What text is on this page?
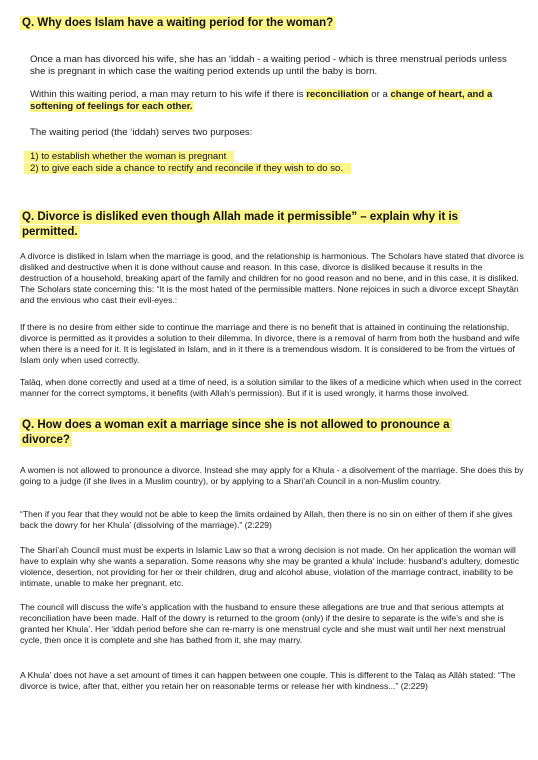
Q. Why does Islam have a waiting period for the woman?

Once a man has divorced his wife, she has an ‘iddah - a waiting period - which is three menstrual periods unless she is pregnant in which case the waiting period extends up until the baby is born.

Within this waiting period, a man may return to his wife if there is reconciliation or a change of heart, and a softening of feelings for each other.

The waiting period (the ‘iddah) serves two purposes:

1) to establish whether the woman is pregnant
2) to give each side a chance to rectify and reconcile if they wish to do so.
Q. Divorce is disliked even though Allah made it permissible” – explain why it is
permitted.

A divorce is disliked in Islam when the marriage is good, and the relationship is harmonious. The Scholars have stated that divorce is disliked and destructive when it is done without cause and reason. In this case, divorce is disliked because it results in the destruction of a household, breaking apart of the family and children for no good reason and no bene, and in this case, it is disliked. The Scholars state concerning this: “It is the most hated of the permissible matters. None rejoices in such a divorce except Shaytān and the envious who cast their evil-eyes.:

If there is no desire from either side to continue the marriage and there is no benefit that is attained in continuing the relationship, divorce is permitted as it provides a solution to their dilemma. In divorce, there is a removal of harm from both the husband and wife when there is a need for it. It is legislated in Islam, and in it there is a tremendous wisdom. It is considered to be from the virtues of Islam only when used correctly.

Talāq, when done correctly and used at a time of need, is a solution similar to the likes of a medicine which when used in the correct manner for the correct symptoms, it benefits (with Allah’s permission). But if it is used wrongly, it harms those involved.

Q. How does a woman exit a marriage since she is not allowed to pronounce a
divorce?

A women is not allowed to pronounce a divorce. Instead she may apply for a Khula - a disolvement of the marriage. She does this by going to a judge (if she lives in a Muslim country), or by applying to a Shari’ah Council in a non-Muslim country.

“Then if you fear that they would not be able to keep the limits ordained by Allah, then there is no sin on either of them if she gives back the dowry for her Khula’ (dissolving of the marriage).” (2:229)

The Shari’ah Council must must be experts in Islamic Law so that a wrong decision is not made. On her application the woman will have to explain why she wants a separation. Some reasons why she may be granted a khula’ include: husband’s adultery, domestic violence, desertion, not providing for her or their children, drug and alcohol abuse, violation of the marriage contract, inability to be intimate, unable to make her pregnant, etc.

The council will discuss the wife’s application with the husband to ensure these allegations are true and that serious attempts at reconciliation have been made. Half of the dowry is returned to the groom (only) if the desire to separate is the wife’s and she is granted her Khula’. Her ‘iddah period before she can re-marry is one menstrual cycle and she must wait until her next menstrual cycle, then once it is complete and she has bathed from it, she may marry.

A Khula’ does not have a set amount of times it can happen between one couple. This is different to the Talaq as Allāh stated: “The divorce is twice, after that, either you retain her on reasonable terms or release her with kindness...” (2:229)
